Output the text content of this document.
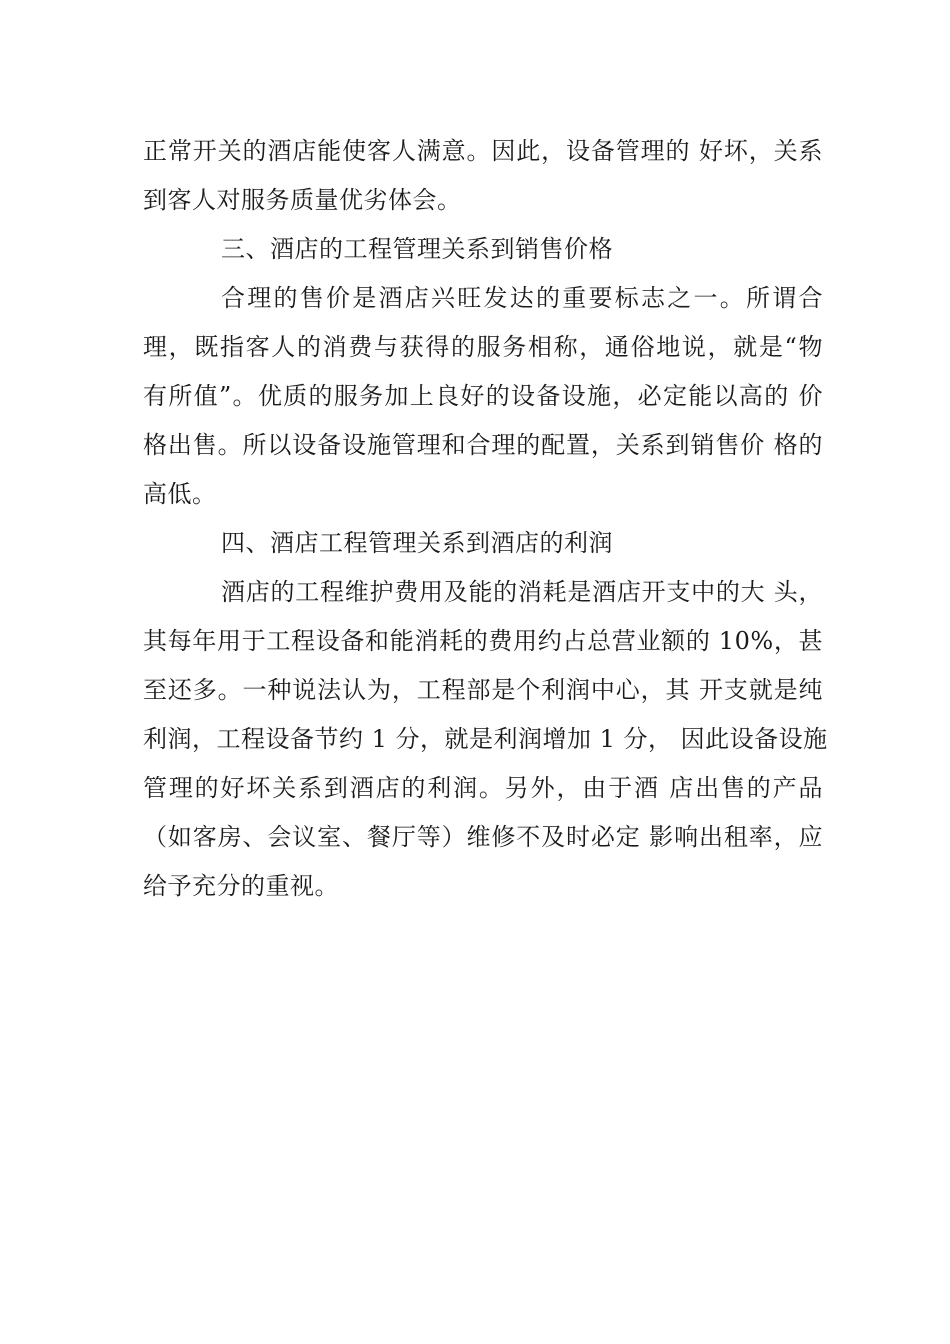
正常开关的酒店能使客人满意。因此，设备管理的 好坏，关系
到客人对服务质量优劣体会。
三、酒店的工程管理关系到销售价格
合理的售价是酒店兴旺发达的重要标志之一。所谓合
理，既指客人的消费与获得的服务相称，通俗地说，就是“物
有所值”。优质的服务加上良好的设备设施，必定能以高的 价
格出售。所以设备设施管理和合理的配置，关系到销售价 格的
高低。
四、酒店工程管理关系到酒店的利润
酒店的工程维护费用及能的消耗是酒店开支中的大 头，
其每年用于工程设备和能消耗的费用约占总营业额的 10%，甚
至还多。一种说法认为，工程部是个利润中心，其 开支就是纯
利润，工程设备节约 1 分，就是利润增加 1 分， 因此设备设施
管理的好坏关系到酒店的利润。另外，由于酒 店出售的产品
（如客房、会议室、餐厅等）维修不及时必定 影响出租率，应
给予充分的重视。
